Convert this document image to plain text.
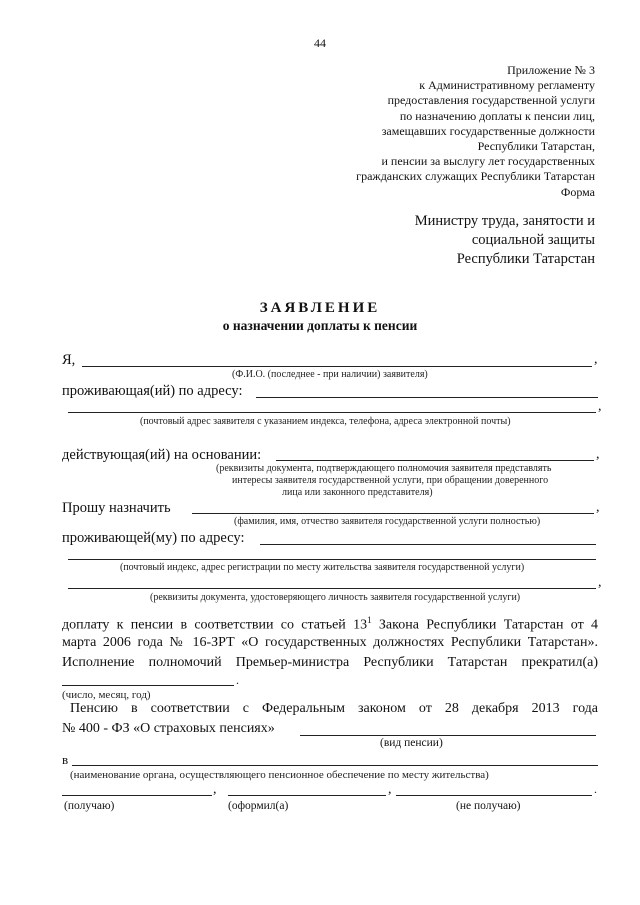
44
Приложение № 3
к Административному регламенту
предоставления государственной услуги
по назначению доплаты к пенсии лиц,
замещавших государственные должности
Республики Татарстан,
и пенсии за выслугу лет государственных
гражданских служащих Республики Татарстан
Форма
Министру труда, занятости и
социальной защиты
Республики Татарстан
ЗАЯВЛЕНИЕ
о назначении доплаты к пенсии
Я,	,
(Ф.И.О. (последнее - при наличии) заявителя)
проживающая(ий) по адресу:
,
(почтовый адрес заявителя с указанием индекса, телефона, адреса электронной почты)
действующая(ий) на основании:	,
(реквизиты документа, подтверждающего полномочия заявителя представлять
интересы заявителя государственной услуги, при обращении доверенного
лица или законного представителя)
Прошу назначить	,
(фамилия, имя, отчество заявителя государственной услуги полностью)
проживающей(му) по адресу:
(почтовый индекс, адрес регистрации по месту жительства заявителя государственной услуги)
,
(реквизиты документа, удостоверяющего личность заявителя государственной услуги)
доплату к пенсии в соответствии со статьей $13^1$ Закона Республики Татарстан от 4
марта 2006 года № 16-ЗРТ «О государственных должностях Республики Татарстан».
Исполнение полномочий Премьер-министра Республики Татарстан прекратил(а)
.
(число, месяц, год)
Пенсию в соответствии с Федеральным законом от 28 декабря 2013 года
№ 400 - ФЗ «О страховых пенсиях»
(вид пенсии)
в
(наименование органа, осуществляющего пенсионное обеспечение по месту жительства)
,	,	.
(получаю)	(оформил(а)	(не получаю)
